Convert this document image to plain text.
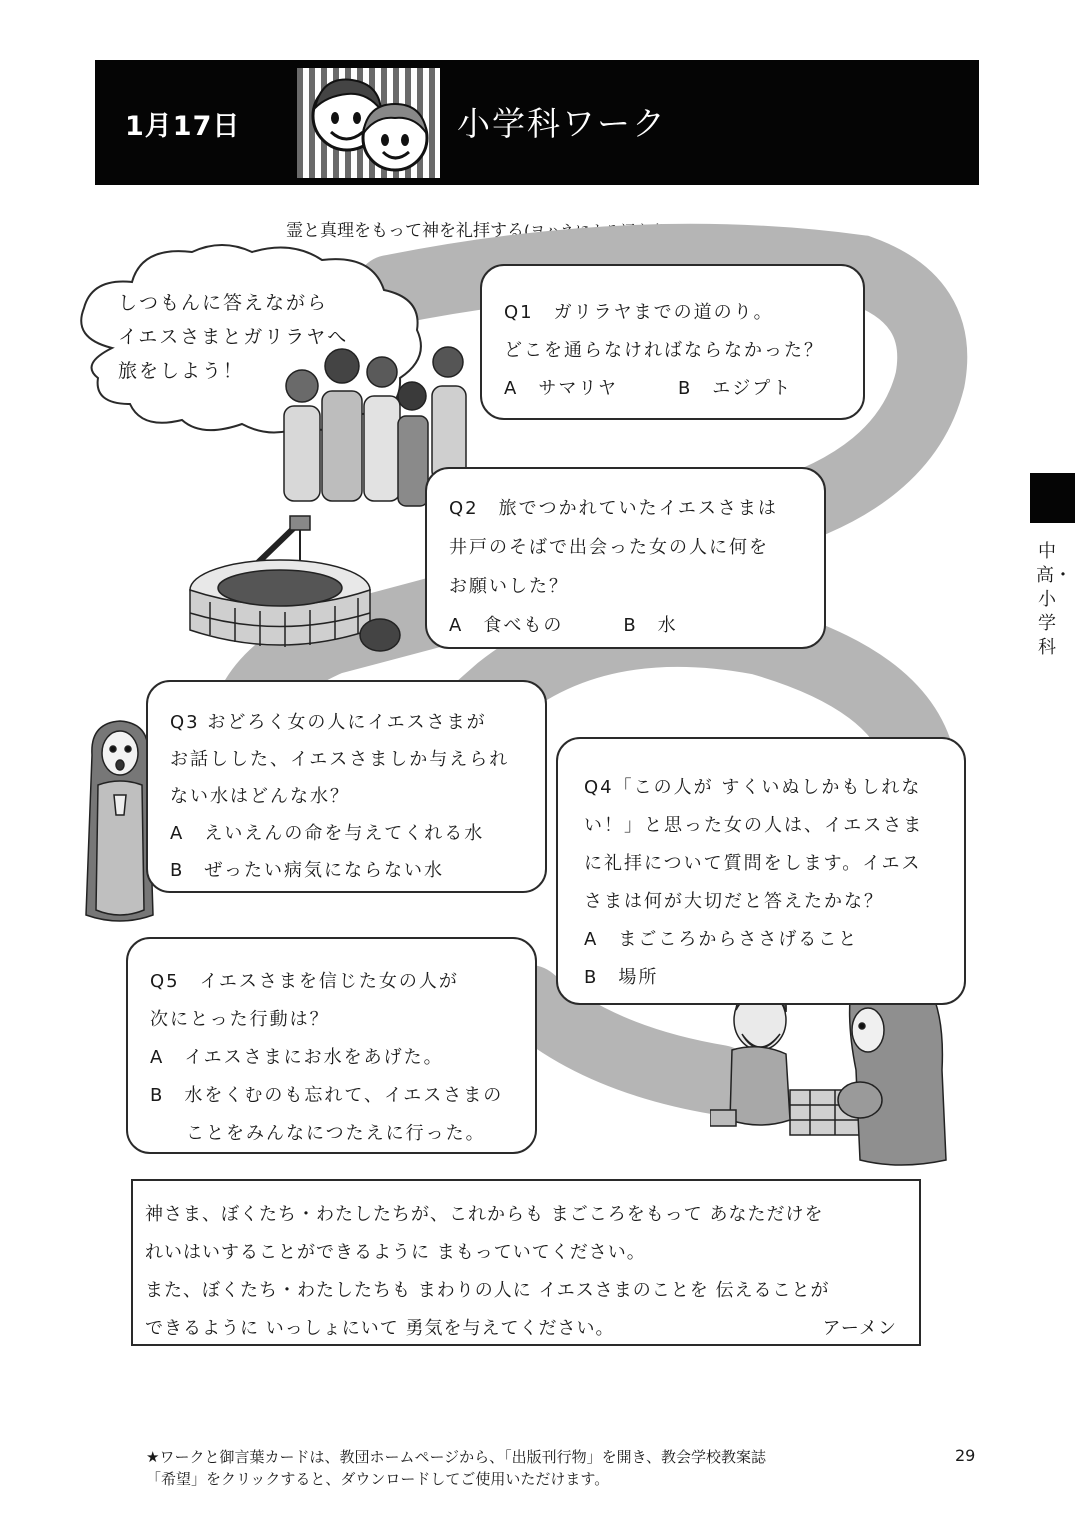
1月17日	小学科ワーク
霊と真理をもって神を礼拝する(ヨハネによる福音書4:1~26)

しつもんに答えながら

イエスさまとガリラヤへ

旅をしよう！

Q1　ガリラヤまでの道のり。

どこを通らなければならなかった？

A　サマリヤ　　　B　エジプト

Q2　旅でつかれていたイエスさまは

井戸のそばで出会った女の人に何を

お願いした？

A　食べもの　　　B　水

Q3 おどろく女の人にイエスさまが

お話しした、イエスさましか与えられ

ない水はどんな水？

A　えいえんの命を与えてくれる水

B　ぜったい病気にならない水

Q4「この人が すくいぬしかもしれな

い！」と思った女の人は、イエスさま

に礼拝について質問をします。イエス

さまは何が大切だと答えたかな？

A　まごころからささげること

B　場所

Q5　イエスさまを信じた女の人が

次にとった行動は？

A　イエスさまにお水をあげた。

B　水をくむのも忘れて、イエスさまの

ことをみんなにつたえに行った。

神さま、ぼくたち・わたしたちが、これからも まごころをもって あなただけを

れいはいすることができるように まもっていてください。

また、ぼくたち・わたしたちも まわりの人に イエスさまのことを 伝えることが

できるように いっしょにいて 勇気を与えてください。	アーメン
中高・小学科

★ワークと御言葉カードは、教団ホームページから、「出版刊行物」を開き、教会学校教案誌

「希望」をクリックすると、ダウンロードしてご使用いただけます。

29
